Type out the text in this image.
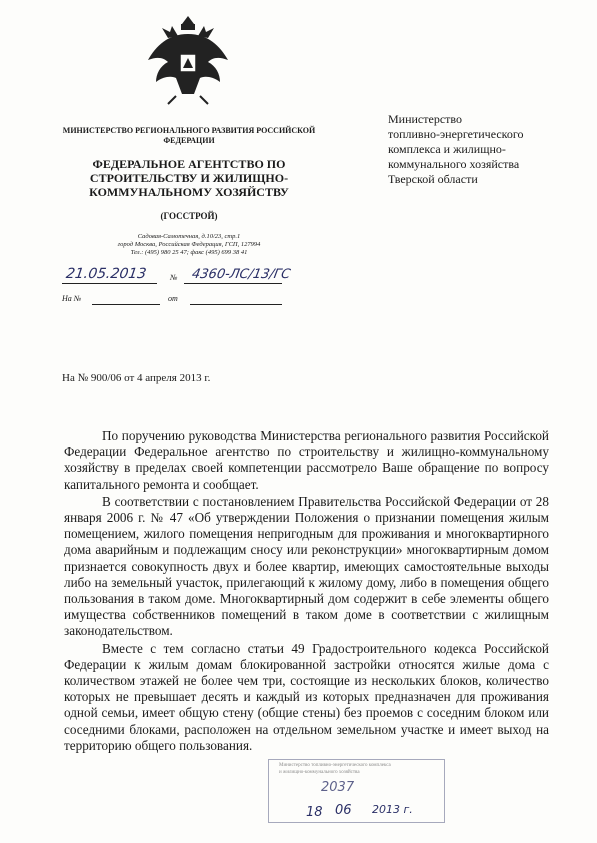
МИНИСТЕРСТВО РЕГИОНАЛЬНОГО РАЗВИТИЯ РОССИЙСКОЙ ФЕДЕРАЦИИ
ФЕДЕРАЛЬНОЕ АГЕНТСТВО ПО СТРОИТЕЛЬСТВУ И ЖИЛИЩНО-КОММУНАЛЬНОМУ ХОЗЯЙСТВУ
(ГОССТРОЙ)
Садовая-Самотечная, д.10/23, стр.1
город Москва, Российская Федерация, ГСП, 127994
Тел.: (495) 980 25 47; факс (495) 699 38 41
21.05.2013	№ 4360-ЛС/13/ГС
На №	от
Министерство
топливно-энергетического
комплекса и жилищно-
коммунального хозяйства
Тверской области
На № 900/06 от 4 апреля 2013 г.

По поручению руководства Министерства регионального развития Российской Федерации Федеральное агентство по строительству и жилищно-коммунальному хозяйству в пределах своей компетенции рассмотрело Ваше обращение по вопросу капитального ремонта и сообщает.

В соответствии с постановлением Правительства Российской Федерации от 28 января 2006 г. № 47 «Об утверждении Положения о признании помещения жилым помещением, жилого помещения непригодным для проживания и многоквартирного дома аварийным и подлежащим сносу или реконструкции» многоквартирным домом признается совокупность двух и более квартир, имеющих самостоятельные выходы либо на земельный участок, прилегающий к жилому дому, либо в помещения общего пользования в таком доме. Многоквартирный дом содержит в себе элементы общего имущества собственников помещений в таком доме в соответствии с жилищным законодательством.

Вместе с тем согласно статьи 49 Градостроительного кодекса Российской Федерации к жилым домам блокированной застройки относятся жилые дома с количеством этажей не более чем три, состоящие из нескольких блоков, количество которых не превышает десять и каждый из которых предназначен для проживания одной семьи, имеет общую стену (общие стены) без проемов с соседним блоком или соседними блоками, расположен на отдельном земельном участке и имеет выход на территорию общего пользования.

Министерство топливно-энергетического комплекса
и жилищно-коммунального хозяйства
2037
18 06 2013 г.
